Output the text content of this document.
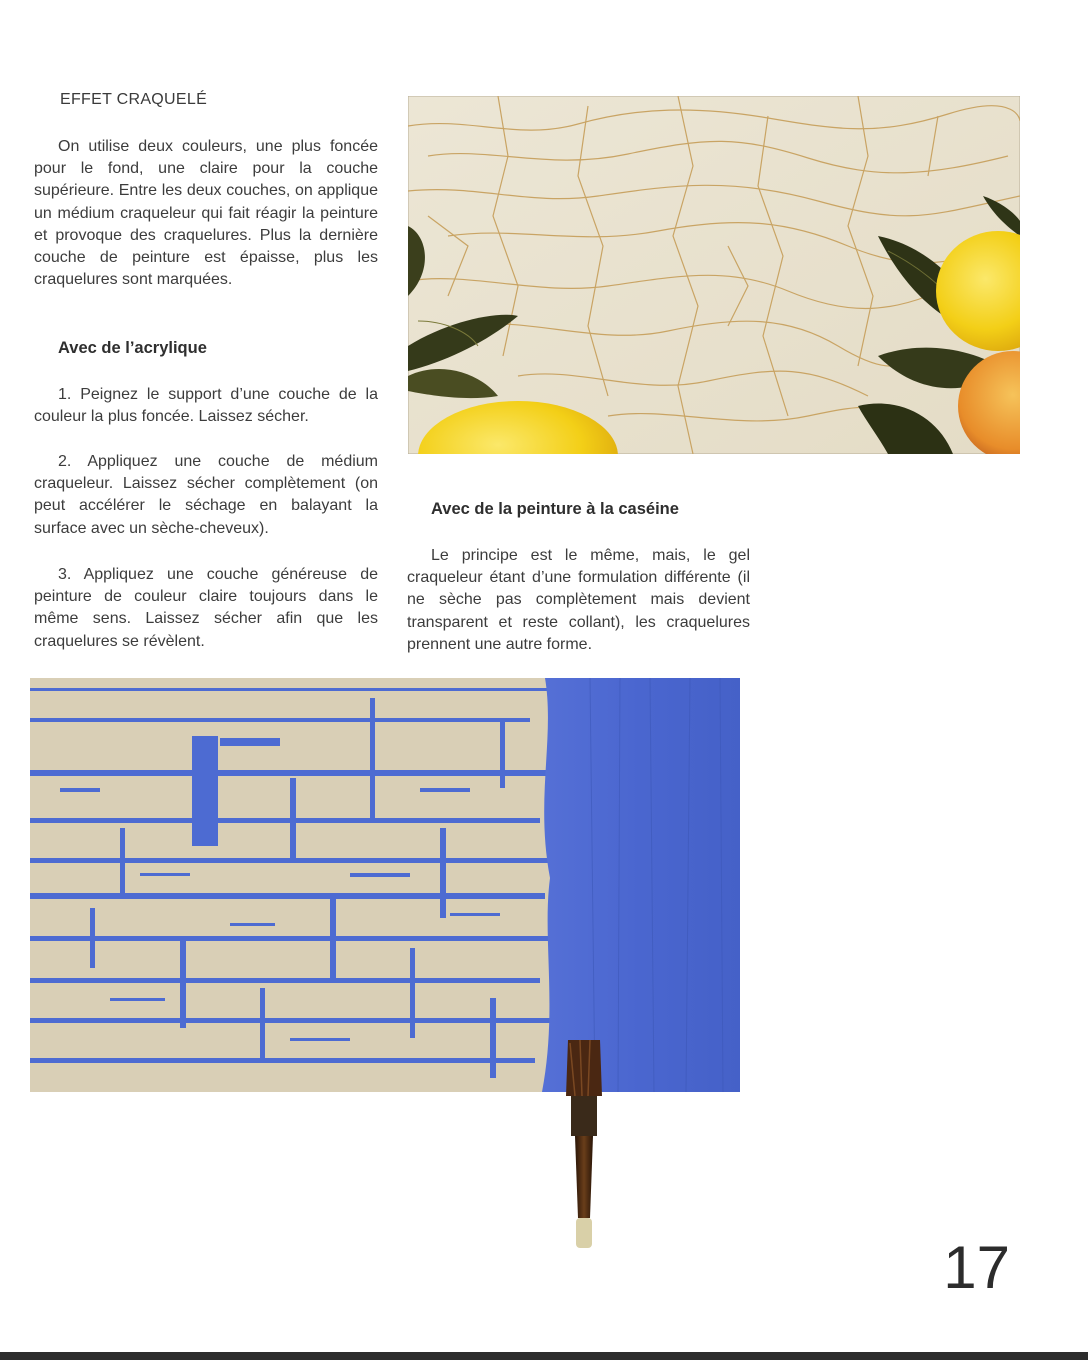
EFFET CRAQUELÉ

On utilise deux couleurs, une plus foncée pour le fond, une claire pour la couche supérieure. Entre les deux couches, on applique un médium craqueleur qui fait réagir la peinture et provoque des craquelures. Plus la dernière couche de peinture est épaisse, plus les craquelures sont marquées.

Avec de l’acrylique

1. Peignez le support d’une couche de la couleur la plus foncée. Laissez sécher.

2. Appliquez une couche de médium craqueleur. Laissez sécher complètement (on peut accélérer le séchage en balayant la surface avec un sèche-cheveux).

3. Appliquez une couche généreuse de peinture de couleur claire toujours dans le même sens. Laissez sécher afin que les craquelures se révèlent.

Avec de la peinture à la caséine

Le principe est le même, mais, le gel craqueleur étant d’une formulation différente (il ne sèche pas complètement mais devient transparent et reste collant), les craquelures prennent une autre forme.

17
